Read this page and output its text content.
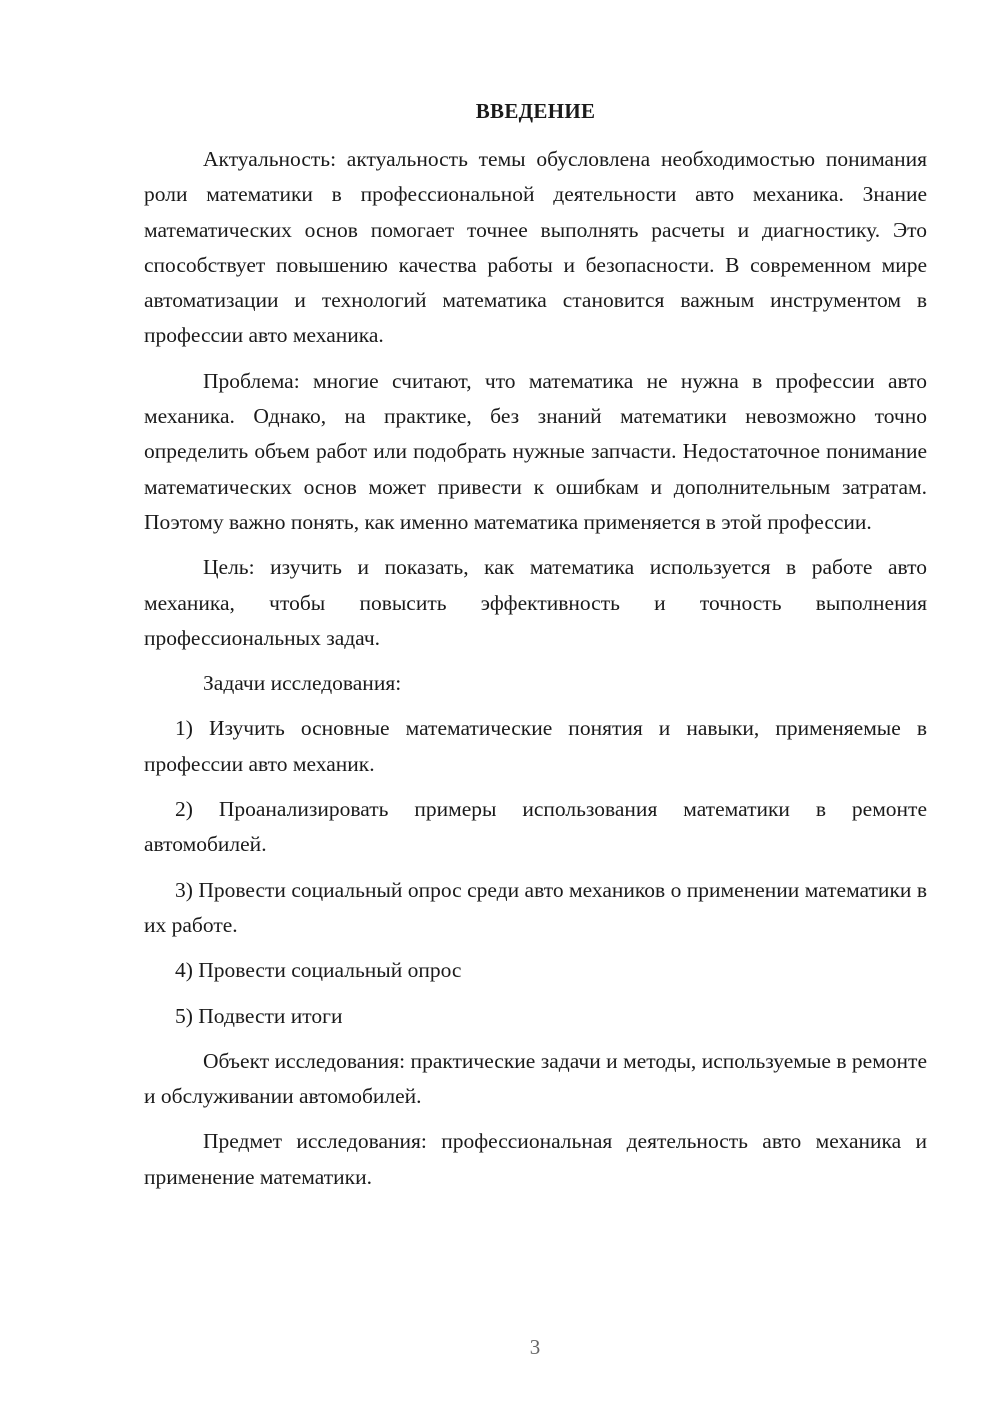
ВВЕДЕНИЕ

Актуальность: актуальность темы обусловлена необходимостью понимания роли математики в профессиональной деятельности авто механика. Знание математических основ помогает точнее выполнять расчеты и диагностику. Это способствует повышению качества работы и безопасности. В современном мире автоматизации и технологий математика становится важным инструментом в профессии авто механика.

Проблема: многие считают, что математика не нужна в профессии авто механика. Однако, на практике, без знаний математики невозможно точно определить объем работ или подобрать нужные запчасти. Недостаточное понимание математических основ может привести к ошибкам и дополнительным затратам. Поэтому важно понять, как именно математика применяется в этой профессии.

Цель: изучить и показать, как математика используется в работе авто механика, чтобы повысить эффективность и точность выполнения профессиональных задач.

Задачи исследования:

1) Изучить основные математические понятия и навыки, применяемые в профессии авто механик.

2) Проанализировать примеры использования математики в ремонте автомобилей.

3) Провести социальный опрос среди авто механиков о применении математики в их работе.

4) Провести социальный опрос

5) Подвести итоги

Объект исследования: практические задачи и методы, используемые в ремонте и обслуживании автомобилей.

Предмет исследования: профессиональная деятельность авто механика и применение математики.

3
